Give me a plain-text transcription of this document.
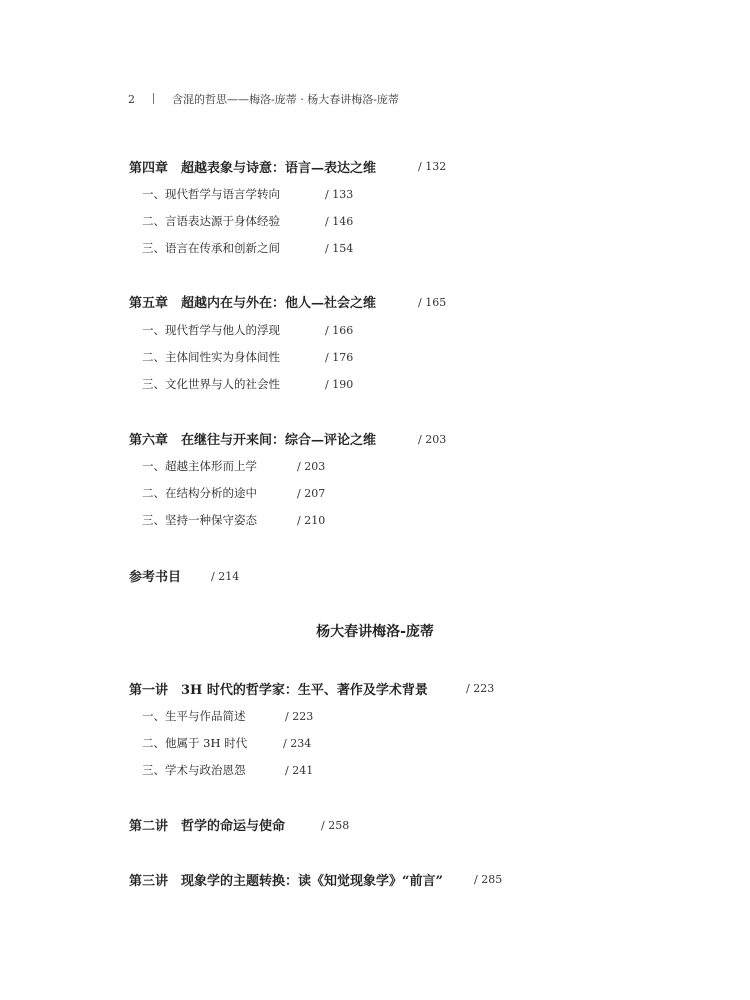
2	含混的哲思——梅洛-庞蒂 · 杨大春讲梅洛-庞蒂
第四章　超越表象与诗意：语言—表达之维	/ 132
一、现代哲学与语言学转向	/ 133
二、言语表达源于身体经验	/ 146
三、语言在传承和创新之间	/ 154
第五章　超越内在与外在：他人—社会之维	/ 165
一、现代哲学与他人的浮现	/ 166
二、主体间性实为身体间性	/ 176
三、文化世界与人的社会性	/ 190
第六章　在继往与开来间：综合—评论之维	/ 203
一、超越主体形而上学	/ 203
二、在结构分析的途中	/ 207
三、坚持一种保守姿态	/ 210
参考书目	/ 214
杨大春讲梅洛-庞蒂
第一讲　3H 时代的哲学家：生平、著作及学术背景	/ 223
一、生平与作品简述	/ 223
二、他属于 3H 时代	/ 234
三、学术与政治恩怨	/ 241
第二讲　哲学的命运与使命	/ 258
第三讲　现象学的主题转换：读《知觉现象学》“前言”	/ 285
